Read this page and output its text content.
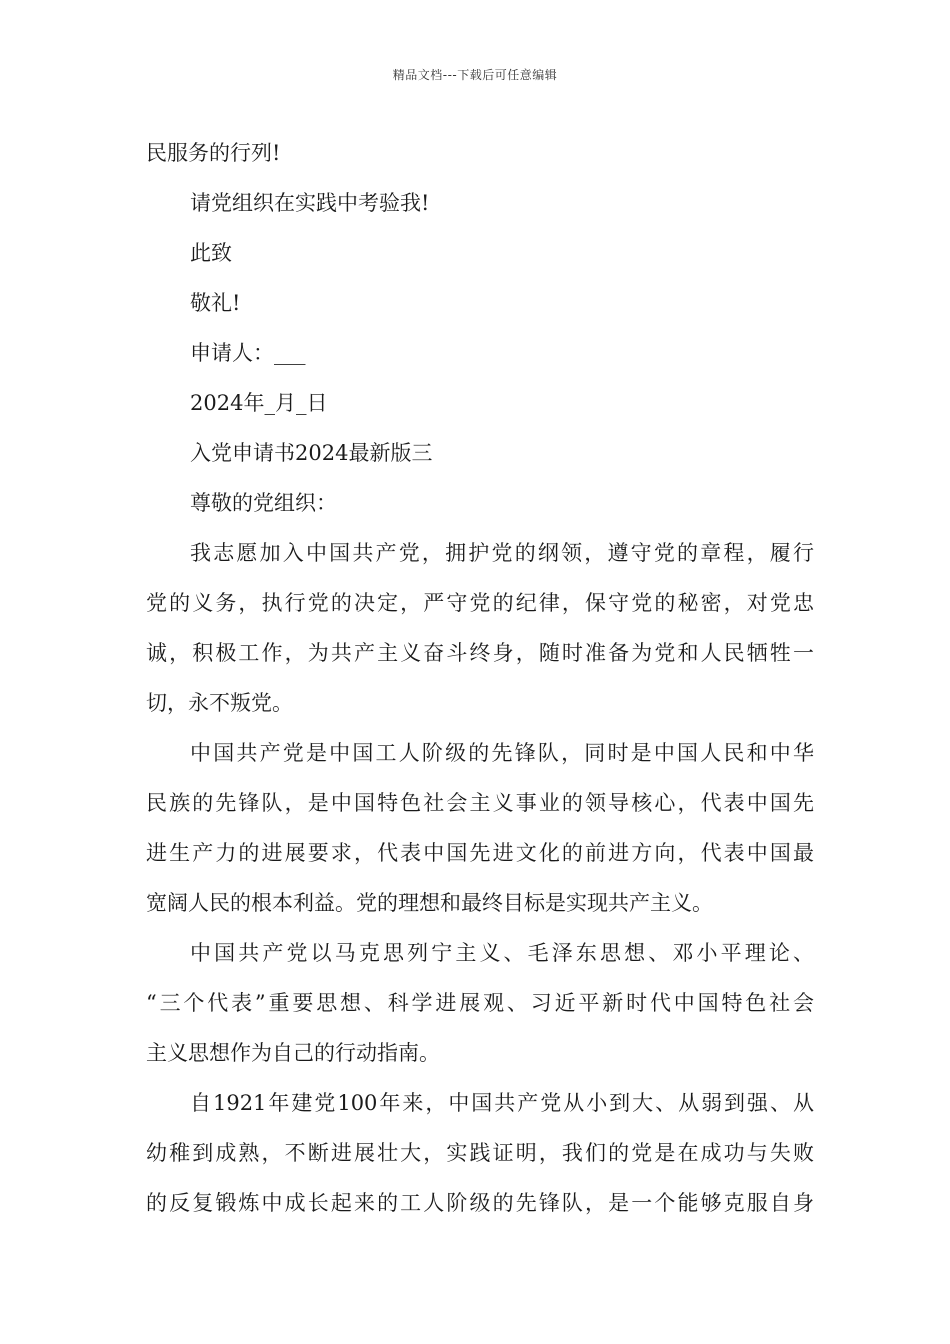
精品文档---下载后可任意编辑

民服务的行列!

请党组织在实践中考验我!

此致

敬礼!

申请人：___

2024年_月_日

入党申请书2024最新版三

尊敬的党组织：

我志愿加入中国共产党，拥护党的纲领，遵守党的章程，履行

党的义务，执行党的决定，严守党的纪律，保守党的秘密，对党忠

诚，积极工作，为共产主义奋斗终身，随时准备为党和人民牺牲一

切，永不叛党。

中国共产党是中国工人阶级的先锋队，同时是中国人民和中华

民族的先锋队，是中国特色社会主义事业的领导核心，代表中国先

进生产力的进展要求，代表中国先进文化的前进方向，代表中国最

宽阔人民的根本利益。党的理想和最终目标是实现共产主义。

中国共产党以马克思列宁主义、毛泽东思想、邓小平理论、

“三个代表”重要思想、科学进展观、习近平新时代中国特色社会

主义思想作为自己的行动指南。

自1921年建党100年来，中国共产党从小到大、从弱到强、从

幼稚到成熟，不断进展壮大，实践证明，我们的党是在成功与失败

的反复锻炼中成长起来的工人阶级的先锋队，是一个能够克服自身
